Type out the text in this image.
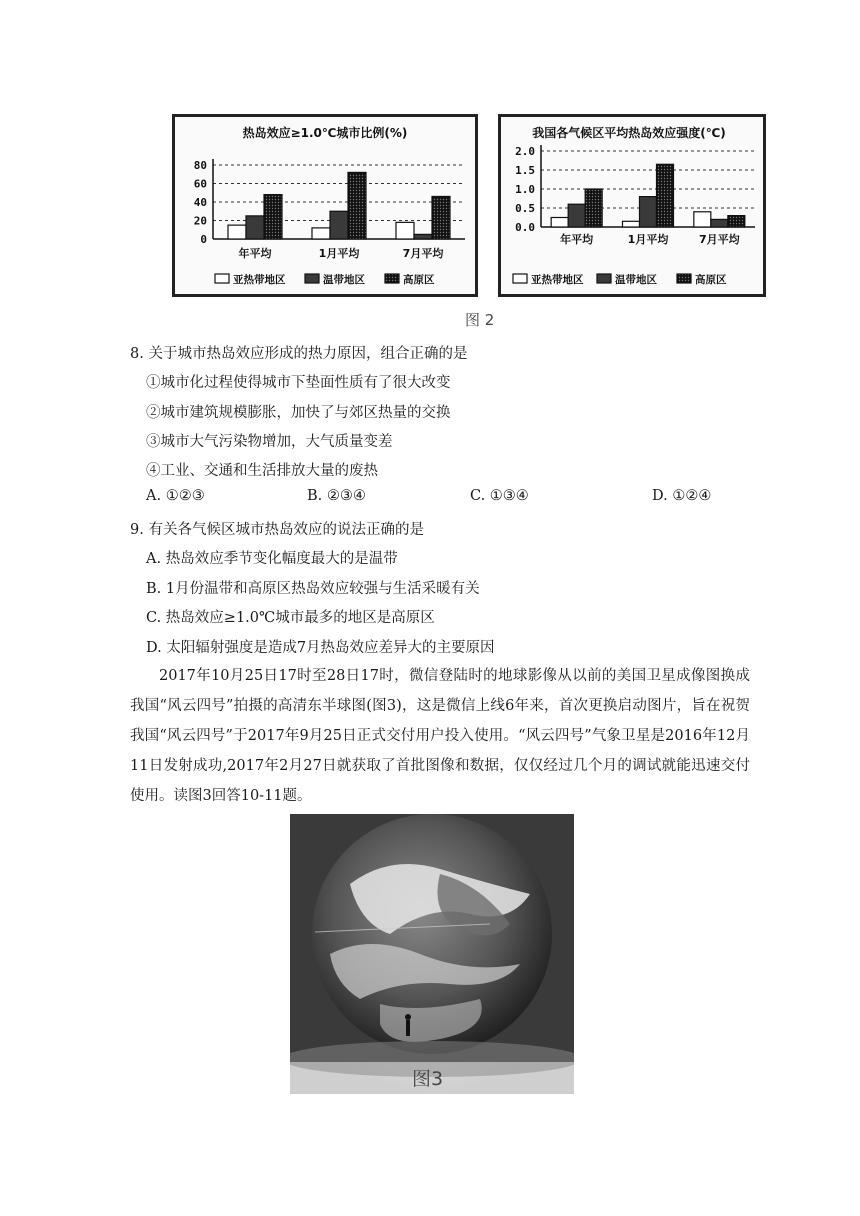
热岛效应≥1.0℃城市比例(%)
0
20
40
60
80
年平均	1月平均	7月平均
亚热带地区	温带地区	高原区
我国各气候区平均热岛效应强度(℃)
0.0
0.5
1.0
1.5
2.0
年平均	1月平均	7月平均
亚热带地区	温带地区	高原区
图 2
8. 关于城市热岛效应形成的热力原因，组合正确的是
①城市化过程使得城市下垫面性质有了很大改变
②城市建筑规模膨胀，加快了与郊区热量的交换
③城市大气污染物增加，大气质量变差
④工业、交通和生活排放大量的废热
A. ①②③	B. ②③④	C. ①③④	D. ①②④
9. 有关各气候区城市热岛效应的说法正确的是
A. 热岛效应季节变化幅度最大的是温带
B. 1月份温带和高原区热岛效应较强与生活采暖有关
C. 热岛效应≥1.0℃城市最多的地区是高原区
D. 太阳辐射强度是造成7月热岛效应差异大的主要原因

2017年10月25日17时至28日17时，微信登陆时的地球影像从以前的美国卫星成像图换成我国“风云四号”拍摄的高清东半球图(图3)，这是微信上线6年来，首次更换启动图片，旨在祝贺我国“风云四号”于2017年9月25日正式交付用户投入使用。“风云四号”气象卫星是2016年12月11日发射成功,2017年2月27日就获取了首批图像和数据，仅仅经过几个月的调试就能迅速交付使用。读图3回答10-11题。

图3
